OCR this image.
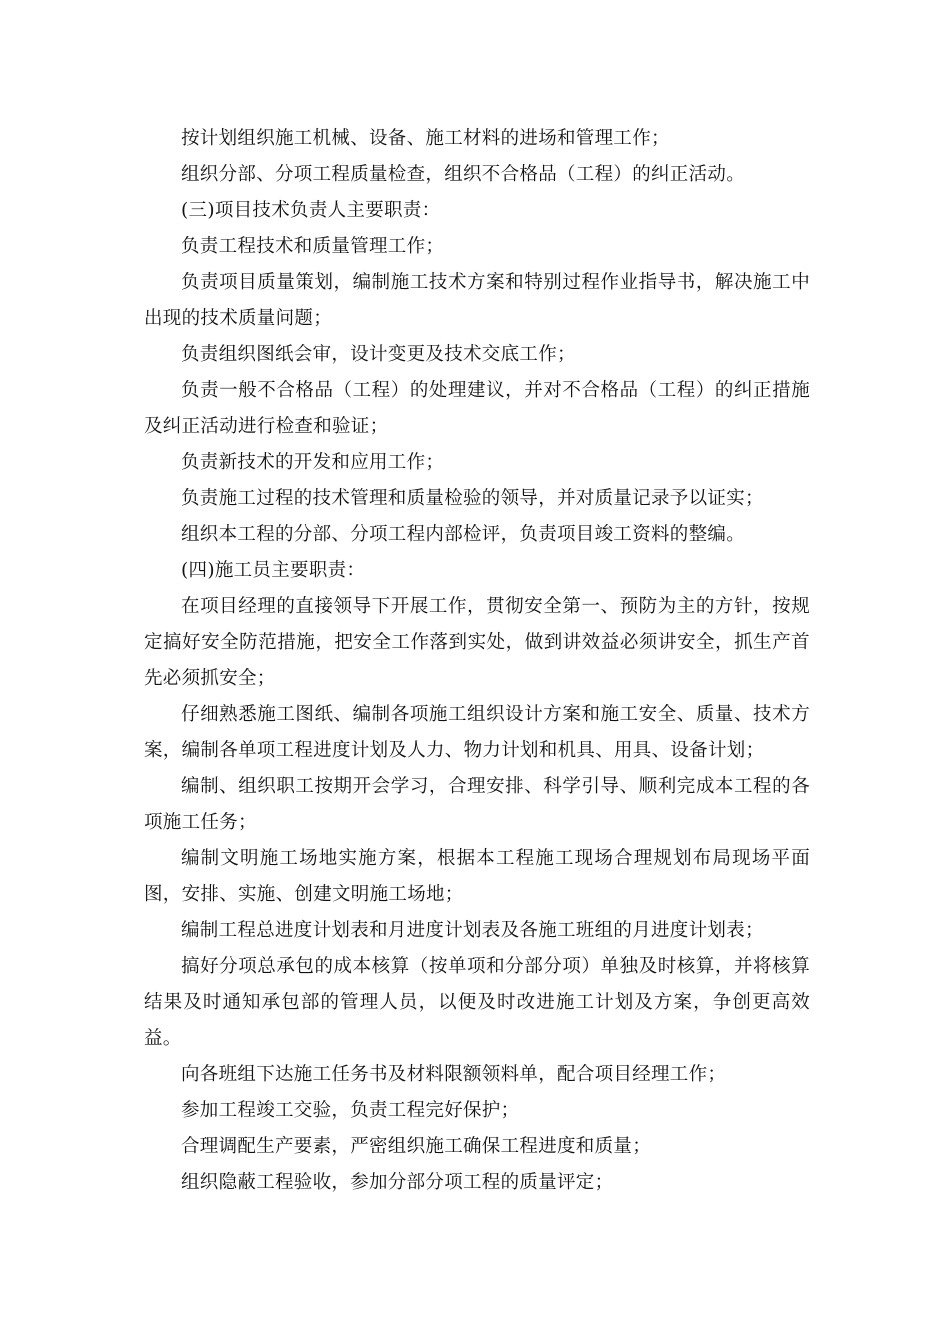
按计划组织施工机械、设备、施工材料的进场和管理工作；

组织分部、分项工程质量检查，组织不合格品（工程）的纠正活动。

(三)项目技术负责人主要职责：

负责工程技术和质量管理工作；

负责项目质量策划，编制施工技术方案和特别过程作业指导书，解决施工中出现的技术质量问题；

负责组织图纸会审，设计变更及技术交底工作；

负责一般不合格品（工程）的处理建议，并对不合格品（工程）的纠正措施及纠正活动进行检查和验证；

负责新技术的开发和应用工作；

负责施工过程的技术管理和质量检验的领导，并对质量记录予以证实；

组织本工程的分部、分项工程内部检评，负责项目竣工资料的整编。

(四)施工员主要职责：

在项目经理的直接领导下开展工作，贯彻安全第一、预防为主的方针，按规定搞好安全防范措施，把安全工作落到实处，做到讲效益必须讲安全，抓生产首先必须抓安全；

仔细熟悉施工图纸、编制各项施工组织设计方案和施工安全、质量、技术方案，编制各单项工程进度计划及人力、物力计划和机具、用具、设备计划；

编制、组织职工按期开会学习，合理安排、科学引导、顺利完成本工程的各项施工任务；

编制文明施工场地实施方案，根据本工程施工现场合理规划布局现场平面图，安排、实施、创建文明施工场地；

编制工程总进度计划表和月进度计划表及各施工班组的月进度计划表；

搞好分项总承包的成本核算（按单项和分部分项）单独及时核算，并将核算结果及时通知承包部的管理人员，以便及时改进施工计划及方案，争创更高效益。

向各班组下达施工任务书及材料限额领料单，配合项目经理工作；

参加工程竣工交验，负责工程完好保护；

合理调配生产要素，严密组织施工确保工程进度和质量；

组织隐蔽工程验收，参加分部分项工程的质量评定；
